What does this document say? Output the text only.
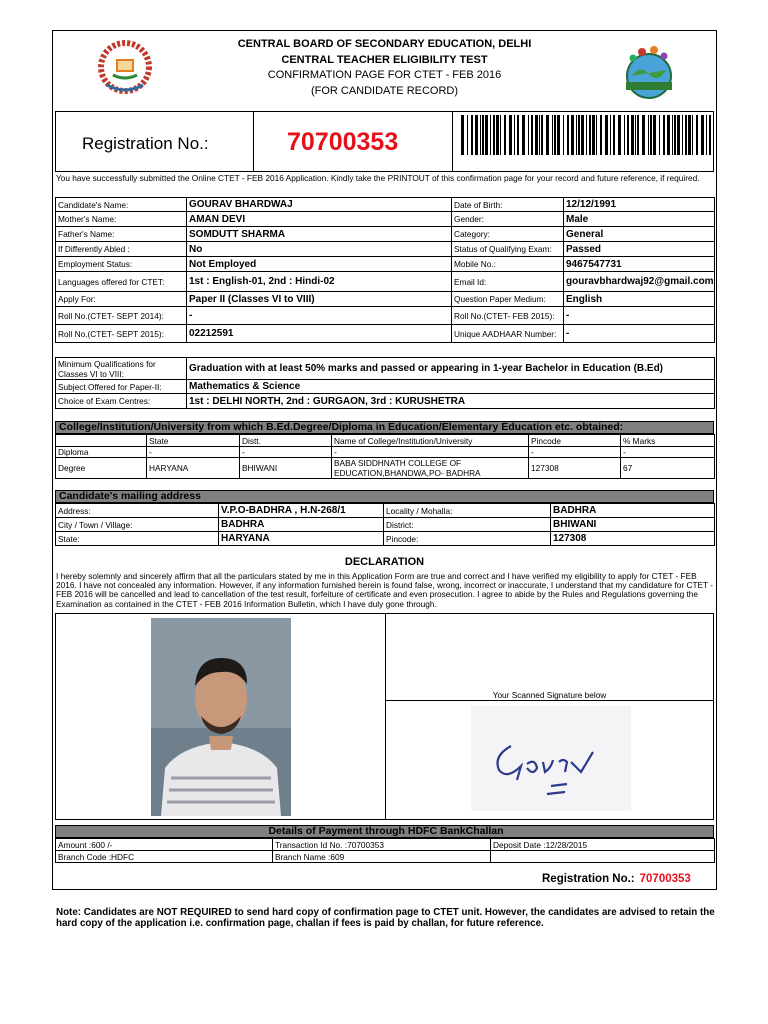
CENTRAL BOARD OF SECONDARY EDUCATION, DELHI
CENTRAL TEACHER ELIGIBILITY TEST
CONFIRMATION PAGE FOR CTET - FEB 2016
(FOR CANDIDATE RECORD)
Registration No.:	70700353
You have successfully submitted the Online CTET - FEB 2016 Application. Kindly take the PRINTOUT of this confirmation page for your record and future reference, if required.
Candidate's Name:	GOURAV BHARDWAJ	Date of Birth:	12/12/1991
Mother's Name:	AMAN DEVI	Gender:	Male
Father's Name:	SOMDUTT SHARMA	Category:	General
If Differently Abled :	No	Status of Qualifying Exam:	Passed
Employment Status:	Not Employed	Mobile No.:	9467547731
Languages offered for CTET:	1st : English-01, 2nd : Hindi-02	Email Id:	gouravbhardwaj92@gmail.com
Apply For:	Paper II (Classes VI to VIII)	Question Paper Medium:	English
Roll No.(CTET- SEPT 2014):	-	Roll No.(CTET- FEB 2015):	-
Roll No.(CTET- SEPT 2015):	02212591	Unique AADHAAR Number:	-
Minimum Qualifications for Classes VI to VIII:	Graduation with at least 50% marks and passed or appearing in 1-year Bachelor in Education (B.Ed)
Subject Offered for Paper-II:	Mathematics & Science
Choice of Exam Centres:	1st : DELHI NORTH, 2nd : GURGAON, 3rd : KURUSHETRA
College/Institution/University from which B.Ed.Degree/Diploma in Education/Elementary Education etc. obtained:
	State	Distt.	Name of College/Institution/University	Pincode	% Marks
Diploma	-	-	-	-	-
Degree	HARYANA	BHIWANI	BABA SIDDHNATH COLLEGE OF EDUCATION,BHANDWA,PO- BADHRA	127308	67
Candidate's mailing address
Address:	V.P.O-BADHRA , H.N-268/1	Locality / Mohalla:	BADHRA
City / Town / Village:	BADHRA	District:	BHIWANI
State:	HARYANA	Pincode:	127308
DECLARATION
I hereby solemnly and sincerely affirm that all the particulars stated by me in this Application Form are true and correct and I have verified my eligibility to apply for CTET - FEB 2016. I have not concealed any information. However, if any information furnished herein is found false, wrong, incorrect or inaccurate, I understand that my candidature for CTET - FEB 2016 will be cancelled and lead to cancellation of the test result, forfeiture of certificate and even prosecution. I agree to abide by the Rules and Regulations governing the Examination as contained in the CTET - FEB 2016 Information Bulletin, which I have duly gone through.
Your Scanned Signature below
Details of Payment through HDFC BankChallan
Amount :600 /-	Transaction Id No. :70700353	Deposit Date :12/28/2015
Branch Code :HDFC	Branch Name :609	
Registration No.: 70700353
Note: Candidates are NOT REQUIRED to send hard copy of confirmation page to CTET unit. However, the candidates are advised to retain the hard copy of the application i.e. confirmation page, challan if fees is paid by challan, for future reference.
